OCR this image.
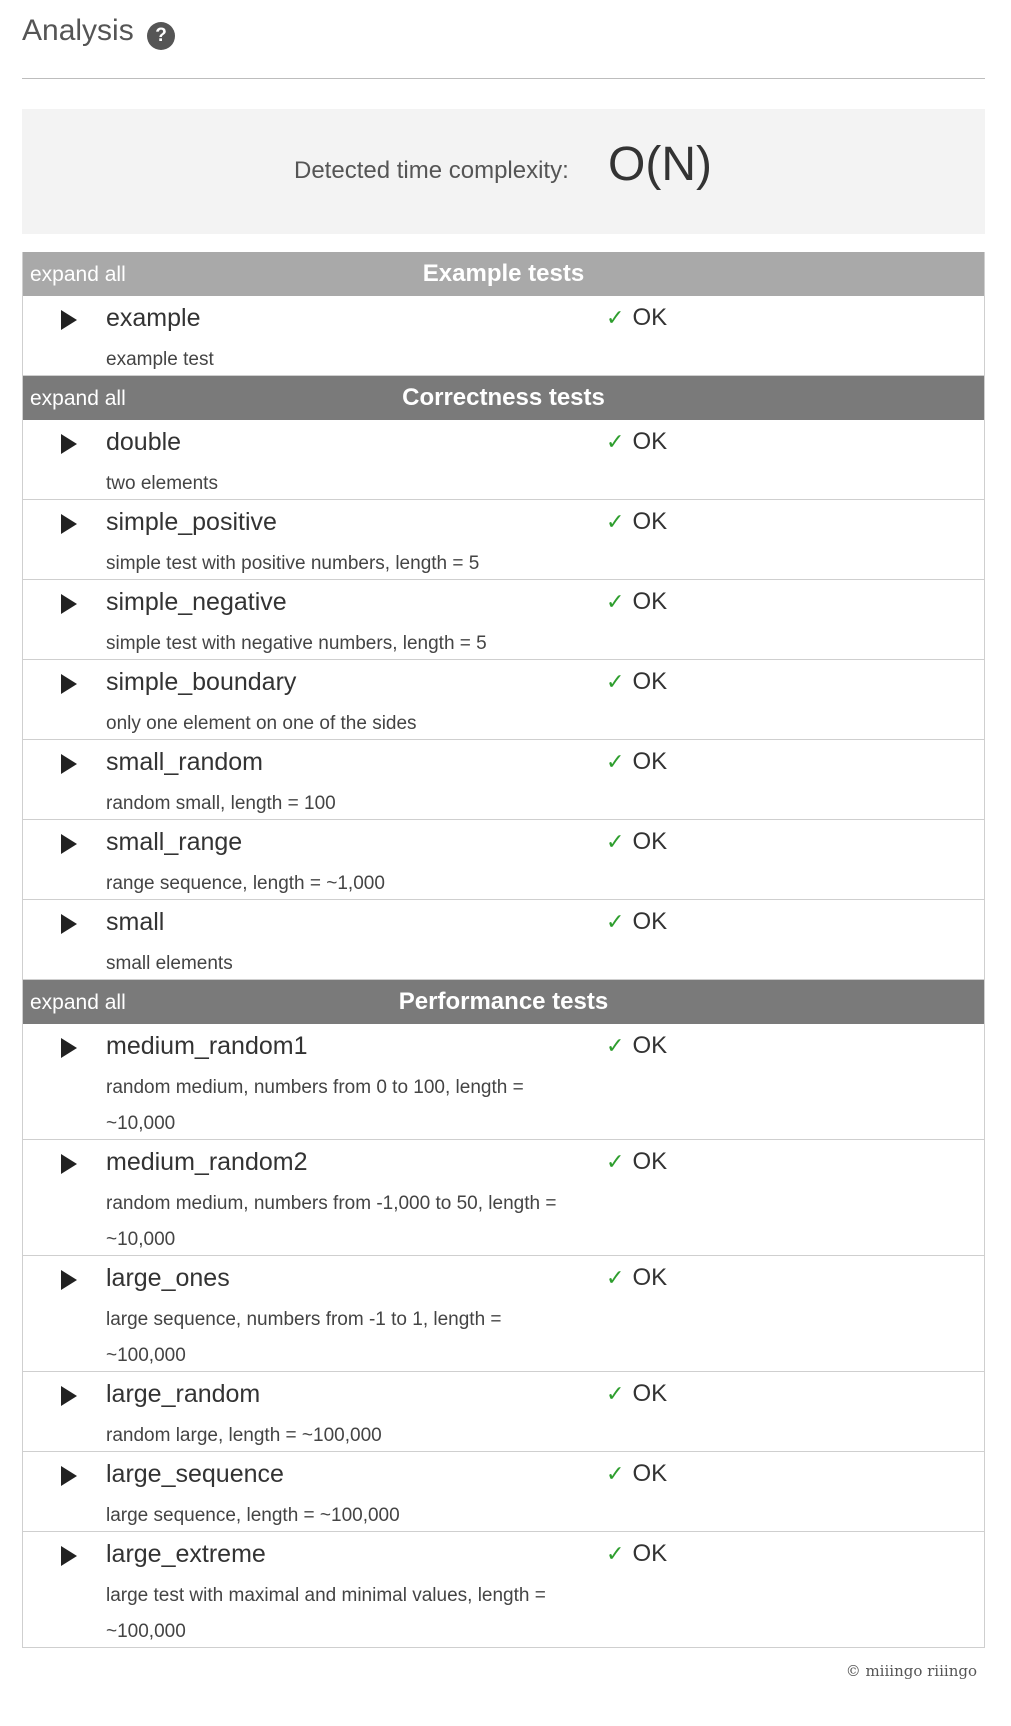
Analysis	?
Detected time complexity: O(N)
expand all	Example tests
example
example test
✓ OK
expand all	Correctness tests
double
two elements
✓ OK
simple_positive
simple test with positive numbers, length = 5
✓ OK
simple_negative
simple test with negative numbers, length = 5
✓ OK
simple_boundary
only one element on one of the sides
✓ OK
small_random
random small, length = 100
✓ OK
small_range
range sequence, length = ~1,000
✓ OK
small
small elements
✓ OK
expand all	Performance tests
medium_random1
random medium, numbers from 0 to 100, length = ~10,000
✓ OK
medium_random2
random medium, numbers from -1,000 to 50, length = ~10,000
✓ OK
large_ones
large sequence, numbers from -1 to 1, length = ~100,000
✓ OK
large_random
random large, length = ~100,000
✓ OK
large_sequence
large sequence, length = ~100,000
✓ OK
large_extreme
large test with maximal and minimal values, length = ~100,000
✓ OK
© miiingo riiingo
